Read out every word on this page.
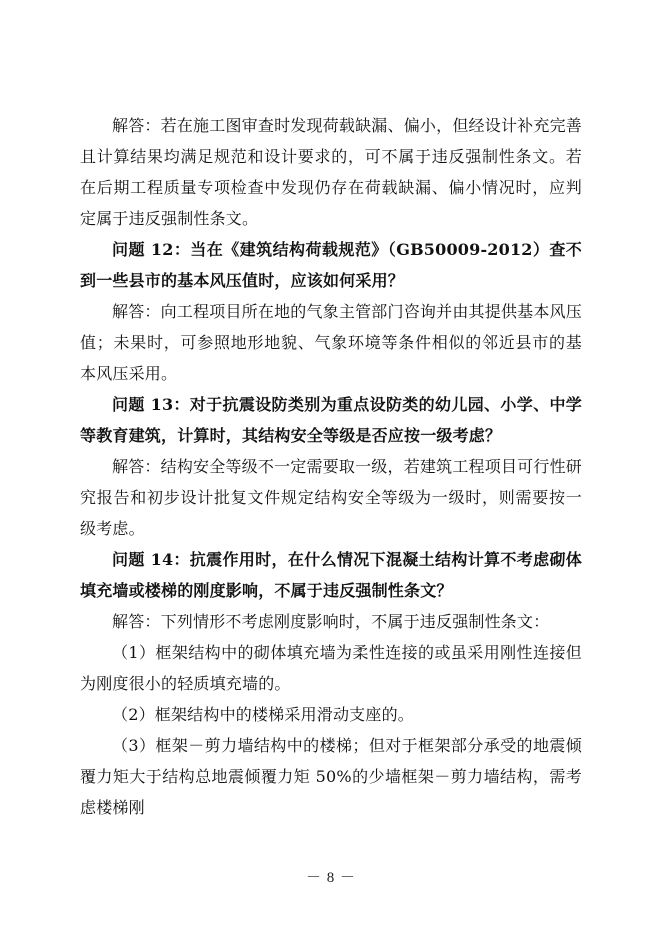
解答：若在施工图审查时发现荷载缺漏、偏小，但经设计补充完善且计算结果均满足规范和设计要求的，可不属于违反强制性条文。若在后期工程质量专项检查中发现仍存在荷载缺漏、偏小情况时，应判定属于违反强制性条文。

问题 12：当在《建筑结构荷载规范》（GB50009-2012）查不到一些县市的基本风压值时，应该如何采用？

解答：向工程项目所在地的气象主管部门咨询并由其提供基本风压值；未果时，可参照地形地貌、气象环境等条件相似的邻近县市的基本风压采用。

问题 13：对于抗震设防类别为重点设防类的幼儿园、小学、中学等教育建筑，计算时，其结构安全等级是否应按一级考虑？

解答：结构安全等级不一定需要取一级，若建筑工程项目可行性研究报告和初步设计批复文件规定结构安全等级为一级时，则需要按一级考虑。

问题 14：抗震作用时，在什么情况下混凝土结构计算不考虑砌体填充墙或楼梯的刚度影响，不属于违反强制性条文？

解答：下列情形不考虑刚度影响时，不属于违反强制性条文：

（1）框架结构中的砌体填充墙为柔性连接的或虽采用刚性连接但为刚度很小的轻质填充墙的。

（2）框架结构中的楼梯采用滑动支座的。

（3）框架－剪力墙结构中的楼梯；但对于框架部分承受的地震倾覆力矩大于结构总地震倾覆力矩 50%的少墙框架－剪力墙结构，需考虑楼梯刚

－ 8 －
